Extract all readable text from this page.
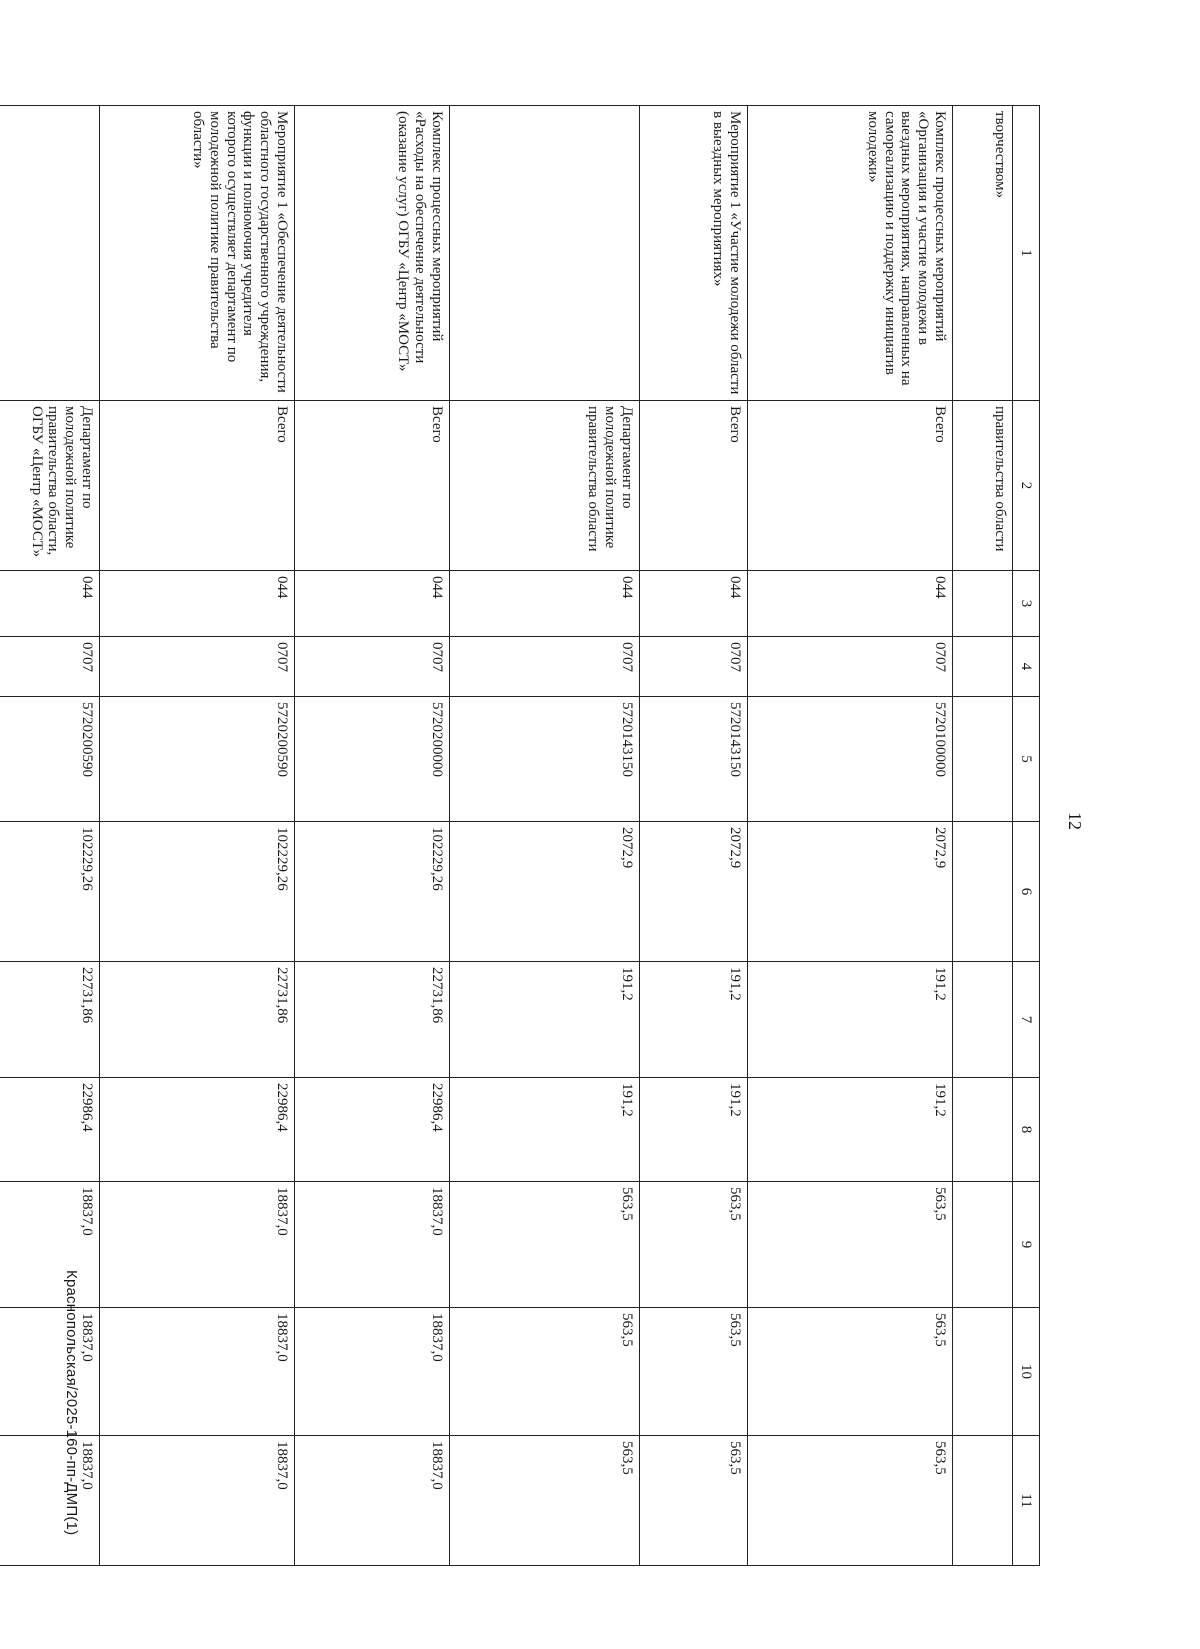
12
1	2	3	4	5	6	7	8	9	10	11
творчеством»	правительства области									
Комплекс процессных мероприятий «Организация и участие молодежи в выездных мероприятиях, направленных на самореализацию и поддержку инициатив молодежи»	Всего	044	0707	5720100000	2072,9	191,2	191,2	563,5	563,5	563,5
Мероприятие 1 «Участие молодежи области в выездных мероприятиях»	Всего	044	0707	5720143150	2072,9	191,2	191,2	563,5	563,5	563,5
	Департамент по молодежной политике правительства области	044	0707	5720143150	2072,9	191,2	191,2	563,5	563,5	563,5
Комплекс процессных мероприятий «Расходы на обеспечение деятельности (оказание услуг) ОГБУ «Центр «МОСТ»	Всего	044	0707	5720200000	102229,26	22731,86	22986,4	18837,0	18837,0	18837,0
Мероприятие 1 «Обеспечение деятельности областного государственного учреждения, функции и полномочия учредителя которого осуществляет департамент по молодежной политике правительства области»	Всего	044	0707	5720200590	102229,26	22731,86	22986,4	18837,0	18837,0	18837,0
	Департамент по молодежной политике правительства области, ОГБУ «Центр «МОСТ»	044	0707	5720200590	102229,26	22731,86	22986,4	18837,0	18837,0	18837,0
Краснопольская/2025-160-пп-ДМП(1)
